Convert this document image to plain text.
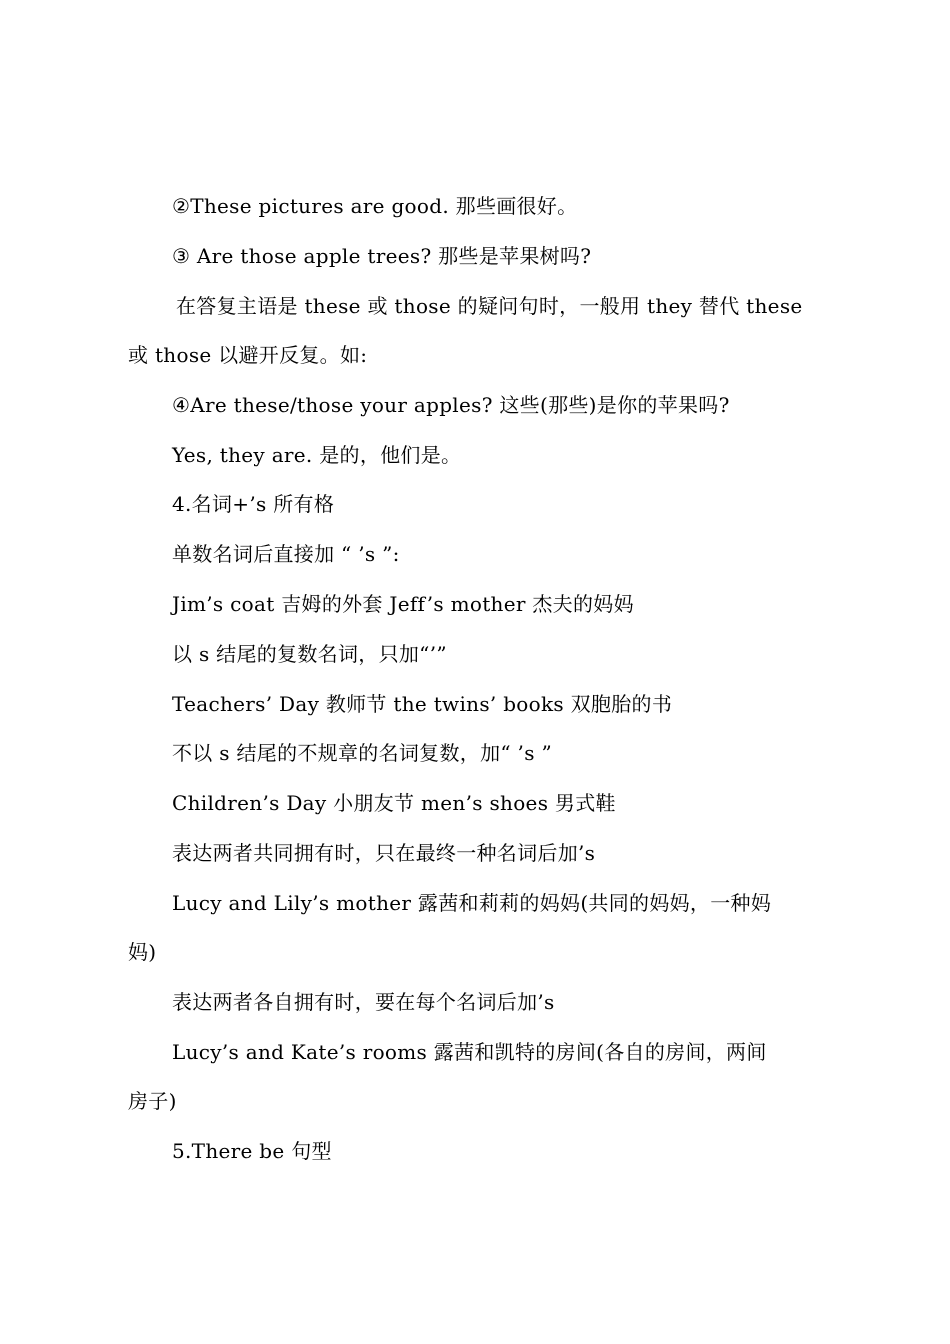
②These pictures are good. 那些画很好。
③ Are those apple trees? 那些是苹果树吗?
在答复主语是 these 或 those 的疑问句时，一般用 they 替代 these
或 those 以避开反复。如:
④Are these/those your apples? 这些(那些)是你的苹果吗?
Yes, they are. 是的，他们是。
4.名词+’s 所有格
单数名词后直接加 “ ’s ”:
Jim’s coat 吉姆的外套 Jeff’s mother 杰夫的妈妈
以 s 结尾的复数名词，只加“’”
Teachers’ Day 教师节 the twins’ books 双胞胎的书
不以 s 结尾的不规章的名词复数，加“ ’s ”
Children’s Day 小朋友节 men’s shoes 男式鞋
表达两者共同拥有时，只在最终一种名词后加’s
Lucy and Lily’s mother 露茜和莉莉的妈妈(共同的妈妈，一种妈
妈)
表达两者各自拥有时，要在每个名词后加’s
Lucy’s and Kate’s rooms 露茜和凯特的房间(各自的房间，两间
房子)
5.There be 句型
